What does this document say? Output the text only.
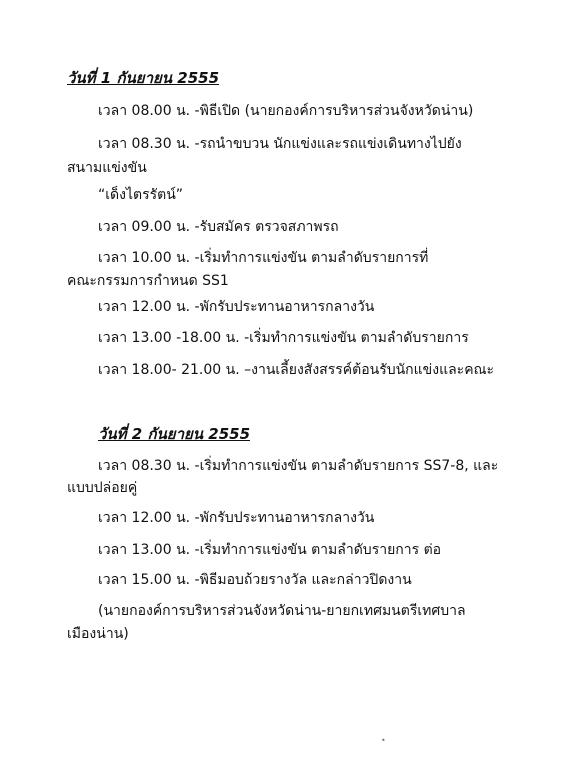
วันที่ 1 กันยายน 2555
เวลา 08.00 น. -พิธีเปิด (นายกองค์การบริหารส่วนจังหวัดน่าน)
เวลา 08.30 น. -รถนำขบวน นักแข่งและรถแข่งเดินทางไปยัง
สนามแข่งขัน
“เด็งไตรรัตน์”
เวลา 09.00 น. -รับสมัคร ตรวจสภาพรถ
เวลา 10.00 น. -เริ่มทำการแข่งขัน ตามลำดับรายการที่
คณะกรรมการกำหนด SS1
เวลา 12.00 น. -พักรับประทานอาหารกลางวัน
เวลา 13.00 -18.00 น. -เริ่มทำการแข่งขัน ตามลำดับรายการ
เวลา 18.00- 21.00 น. –งานเลี้ยงสังสรรค์ต้อนรับนักแข่งและคณะ
วันที่ 2 กันยายน 2555
เวลา 08.30 น. -เริ่มทำการแข่งขัน ตามลำดับรายการ SS7-8, และ
แบบปล่อยคู่
เวลา 12.00 น. -พักรับประทานอาหารกลางวัน
เวลา 13.00 น. -เริ่มทำการแข่งขัน ตามลำดับรายการ ต่อ
เวลา 15.00 น. -พิธีมอบถ้วยรางวัล และกล่าวปิดงาน
(นายกองค์การบริหารส่วนจังหวัดน่าน-ยายกเทศมนตรีเทศบาล
เมืองน่าน)
•
